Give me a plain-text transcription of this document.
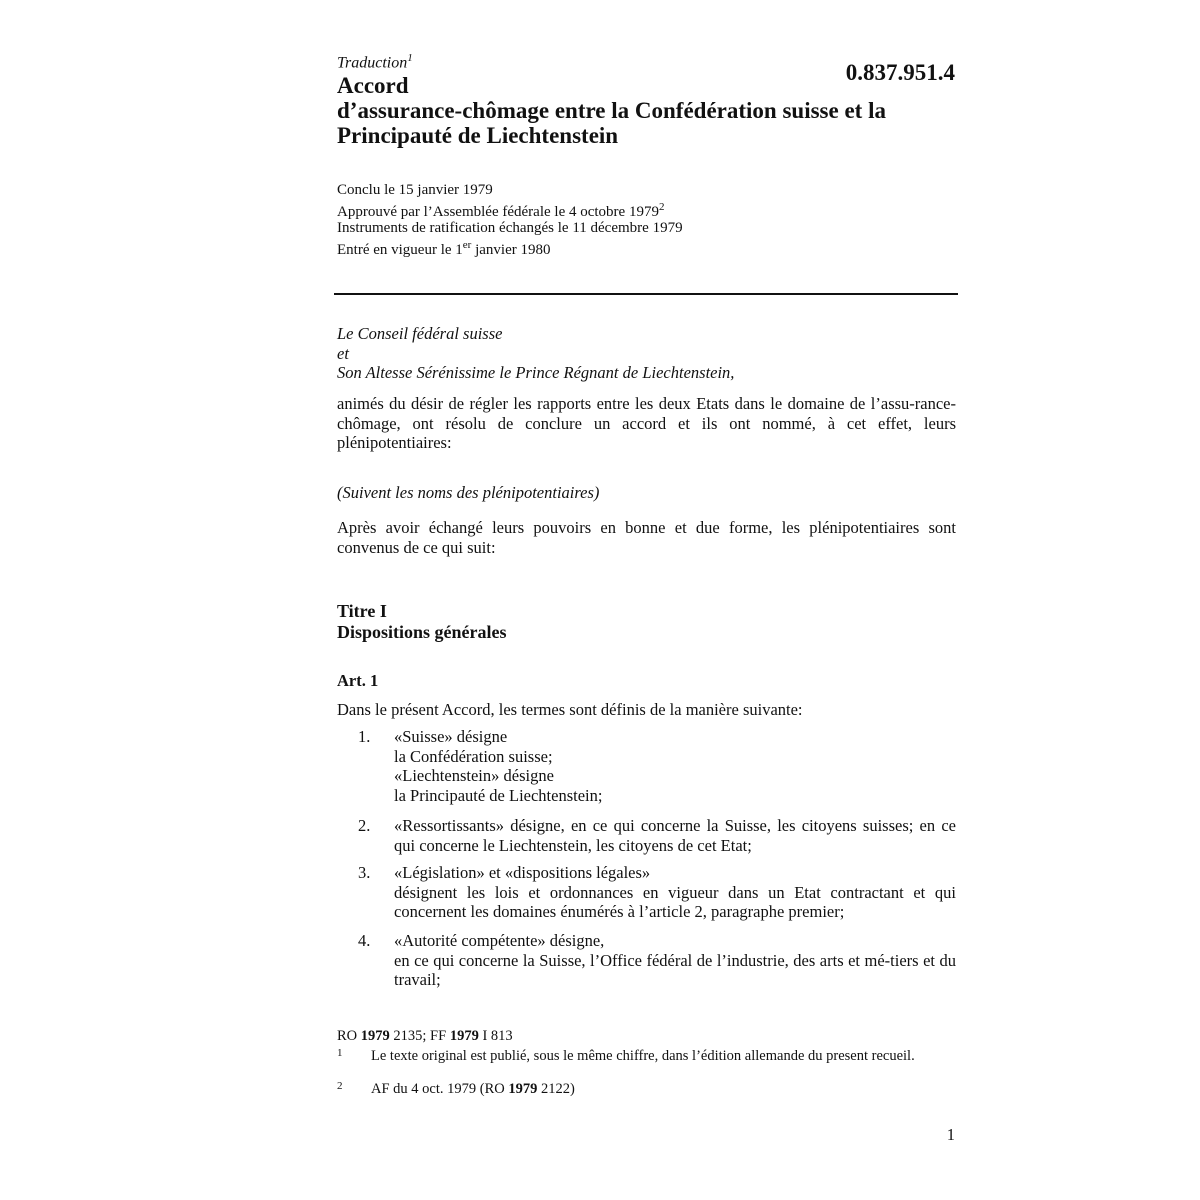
Traduction$^1$
0.837.951.4
Accord
d’assurance-chômage entre la Confédération suisse et la
Principauté de Liechtenstein
Conclu le 15 janvier 1979
Approuvé par l’Assemblée fédérale le 4 octobre 1979$^2$
Instruments de ratification échangés le 11 décembre 1979
Entré en vigueur le 1er janvier 1980
Le Conseil fédéral suisse
et
Son Altesse Sérénissime le Prince Régnant de Liechtenstein,
animés du désir de régler les rapports entre les deux Etats dans le domaine de l’assu-rance-chômage, ont résolu de conclure un accord et ils ont nommé, à cet effet, leurs plénipotentiaires:
(Suivent les noms des plénipotentiaires)
Après avoir échangé leurs pouvoirs en bonne et due forme, les plénipotentiaires sont convenus de ce qui suit:
Titre I
Dispositions générales
Art. 1
Dans le présent Accord, les termes sont définis de la manière suivante:
1.	«Suisse» désigne
la Confédération suisse;
«Liechtenstein» désigne
la Principauté de Liechtenstein;
2.	«Ressortissants» désigne, en ce qui concerne la Suisse, les citoyens suisses; en ce qui concerne le Liechtenstein, les citoyens de cet Etat;
3.	«Législation» et «dispositions légales»
désignent les lois et ordonnances en vigueur dans un Etat contractant et qui concernent les domaines énumérés à l’article 2, paragraphe premier;
4.	«Autorité compétente» désigne,
en ce qui concerne la Suisse, l’Office fédéral de l’industrie, des arts et mé-tiers et du travail;
RO 1979 2135; FF 1979 I 813
1 Le texte original est publié, sous le même chiffre, dans l’édition allemande du present recueil.
2 AF du 4 oct. 1979 (RO 1979 2122)
1
